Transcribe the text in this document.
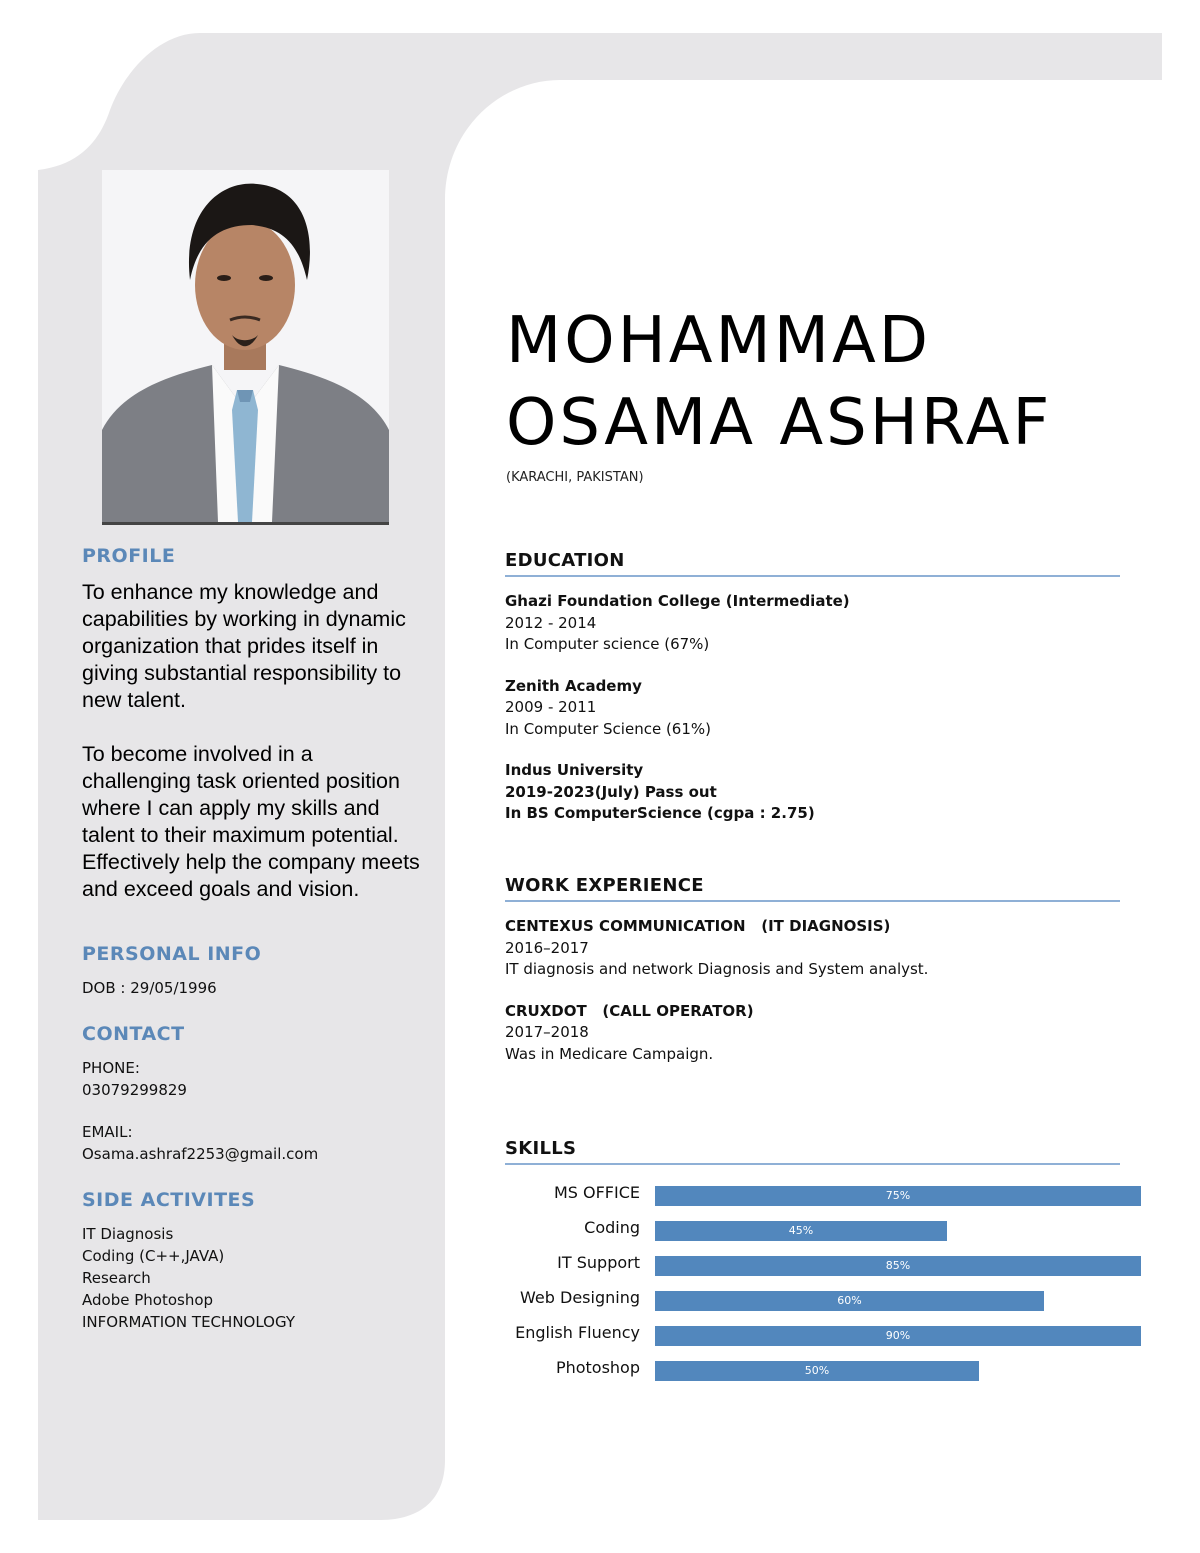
MOHAMMAD
OSAMA ASHRAF
(KARACHI, PAKISTAN)
PROFILE

To enhance my knowledge and capabilities by working in dynamic organization that prides itself in giving substantial responsibility to new talent.

To become involved in a challenging task oriented position where I can apply my skills and talent to their maximum potential. Effectively help the company meets and exceed goals and vision.

PERSONAL INFO
DOB : 29/05/1996
CONTACT
PHONE:
03079299829
EMAIL:
Osama.ashraf2253@gmail.com
SIDE ACTIVITES
IT Diagnosis
Coding (C++,JAVA)
Research
Adobe Photoshop
INFORMATION TECHNOLOGY
EDUCATION
Ghazi Foundation College (Intermediate)
2012 - 2014
In Computer science (67%)
Zenith Academy
2009 - 2011
In Computer Science (61%)
Indus University
2019-2023(July) Pass out
In BS ComputerScience (cgpa : 2.75)
WORK EXPERIENCE
CENTEXUS COMMUNICATION   (IT DIAGNOSIS)
2016–2017
IT diagnosis and network Diagnosis and System analyst.
CRUXDOT   (CALL OPERATOR)
2017–2018
Was in Medicare Campaign.
SKILLS
MS OFFICE	75%
Coding	45%
IT Support	85%
Web Designing	60%
English Fluency	90%
Photoshop	50%
